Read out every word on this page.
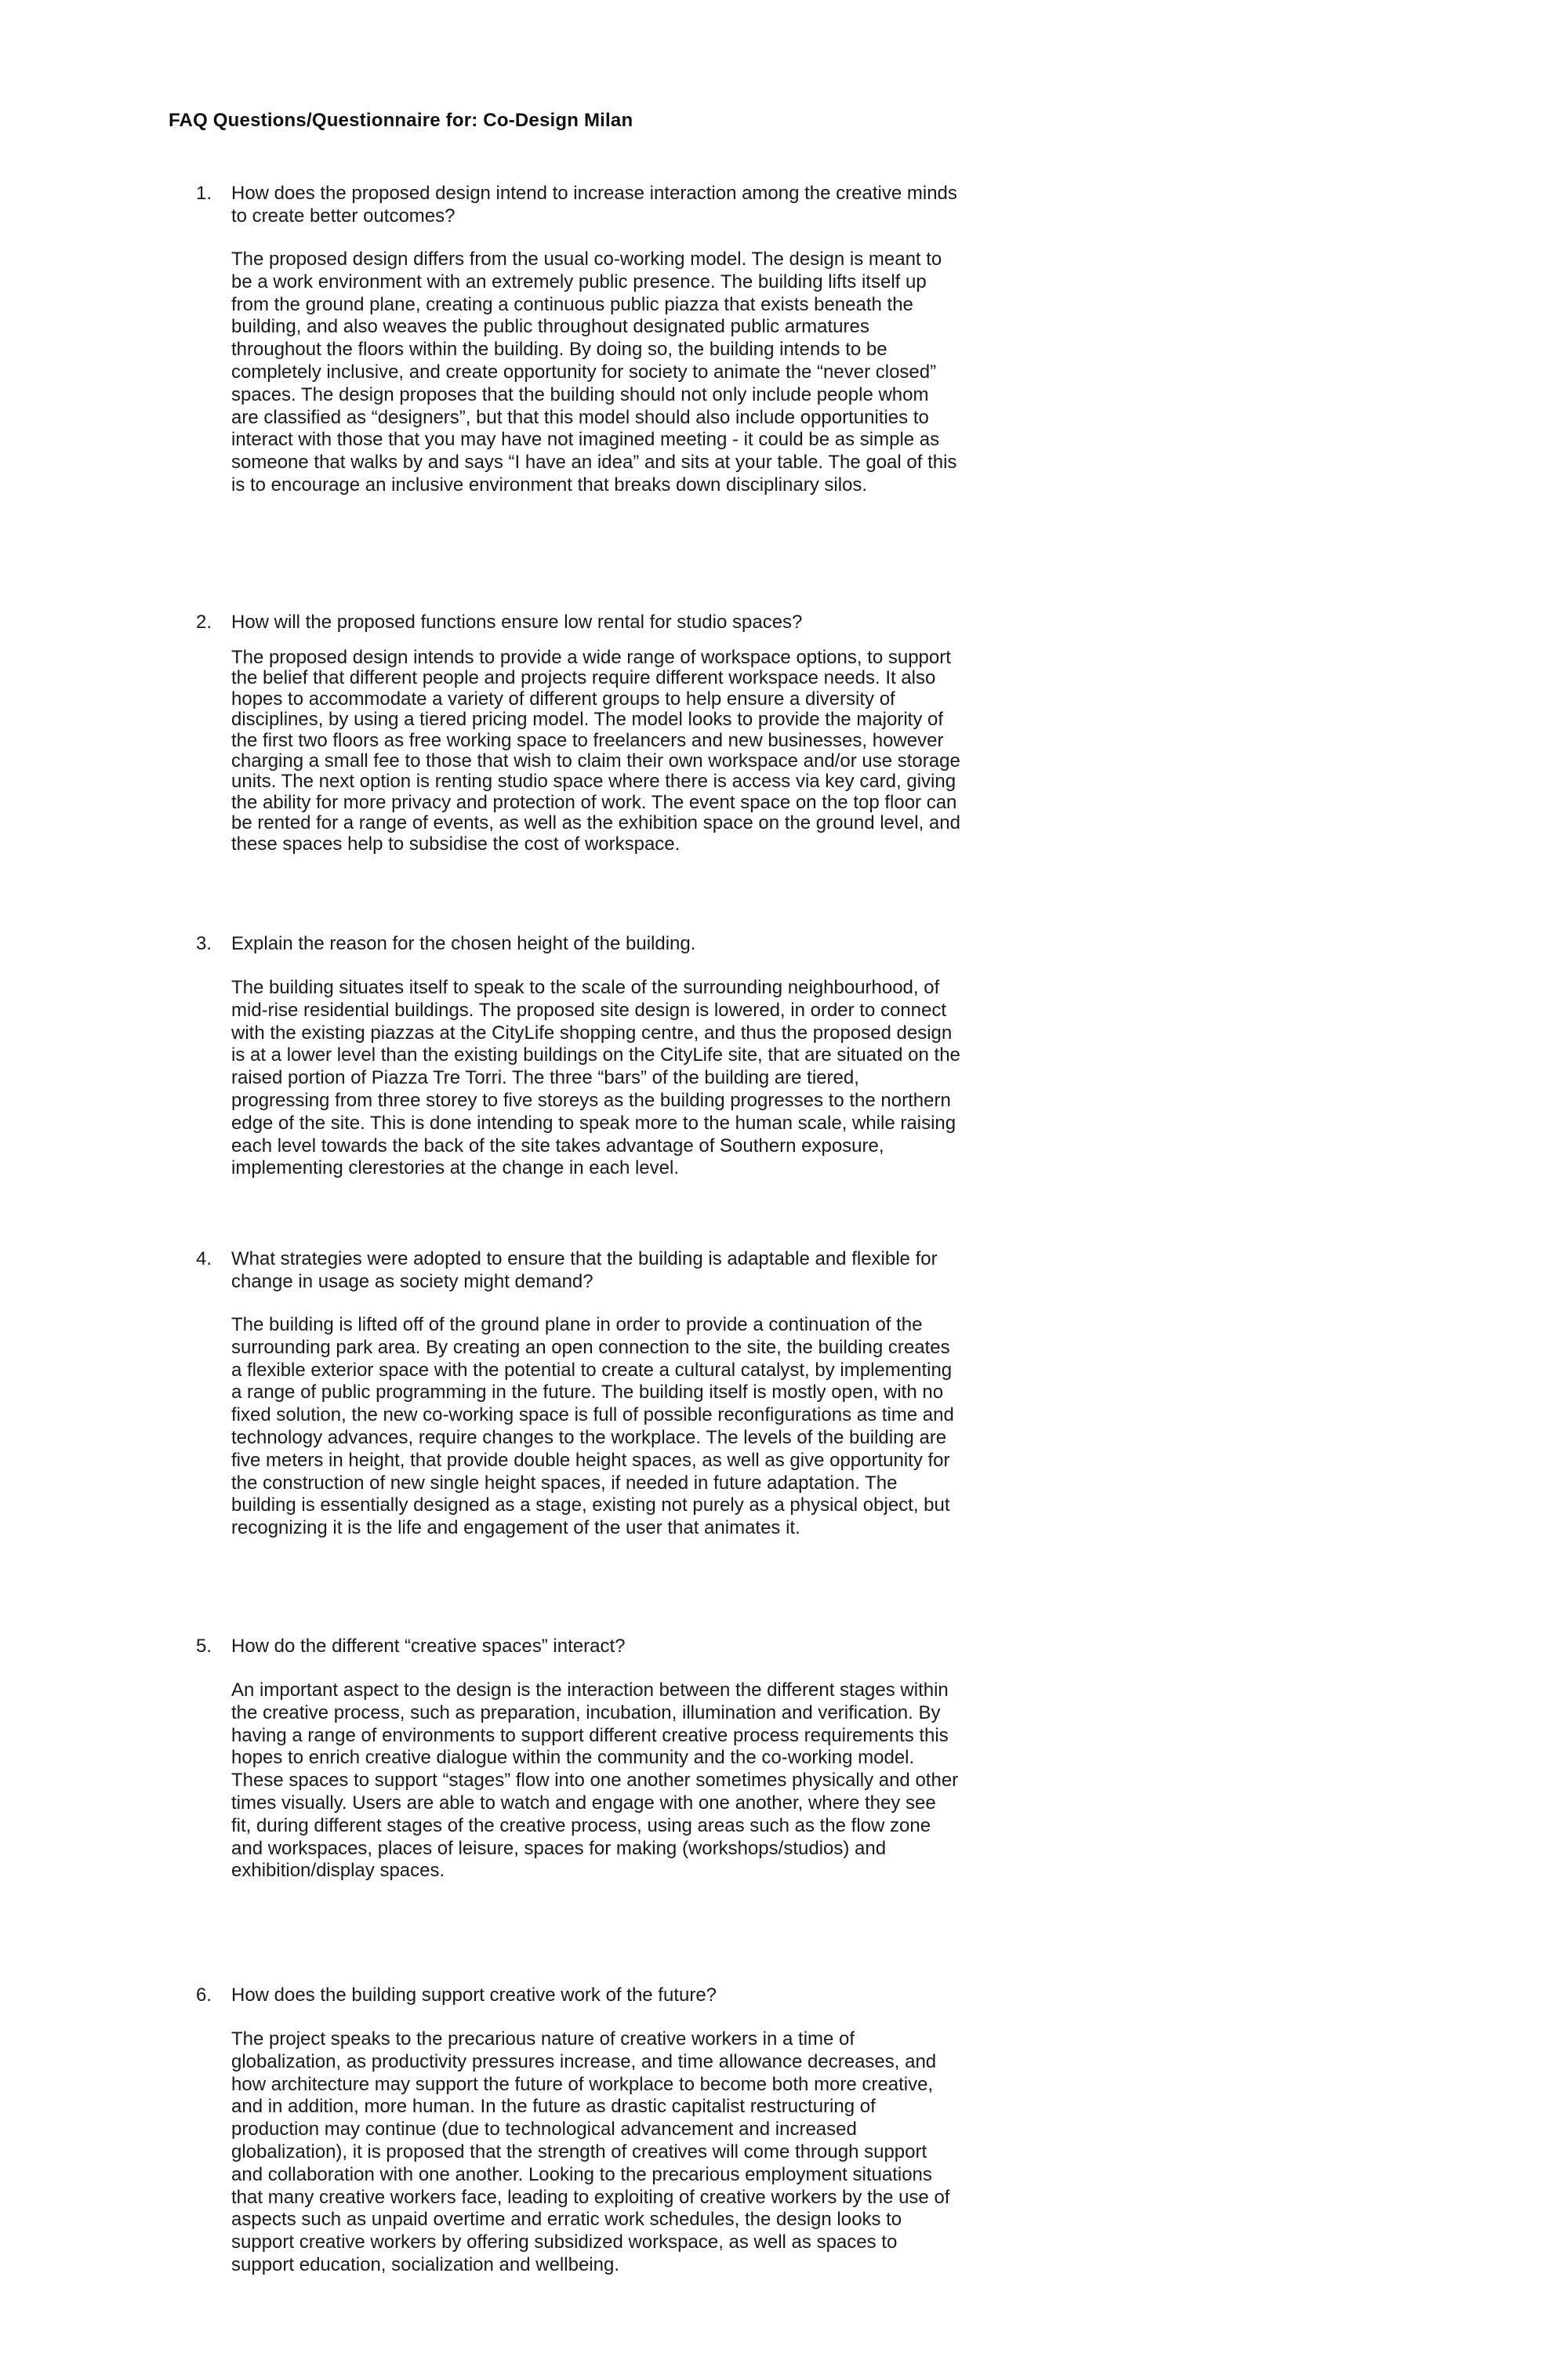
FAQ Questions/Questionnaire for: Co-Design Milan
1. How does the proposed design intend to increase interaction among the creative minds to create better outcomes?

The proposed design differs from the usual co-working model. The design is meant to be a work environment with an extremely public presence. The building lifts itself up from the ground plane, creating a continuous public piazza that exists beneath the building, and also weaves the public throughout designated public armatures throughout the floors within the building. By doing so, the building intends to be completely inclusive, and create opportunity for society to animate the “never closed” spaces. The design proposes that the building should not only include people whom are classified as “designers”, but that this model should also include opportunities to interact with those that you may have not imagined meeting - it could be as simple as someone that walks by and says “I have an idea” and sits at your table. The goal of this is to encourage an inclusive environment that breaks down disciplinary silos.

2. How will the proposed functions ensure low rental for studio spaces?

The proposed design intends to provide a wide range of workspace options, to support the belief that different people and projects require different workspace needs. It also hopes to accommodate a variety of different groups to help ensure a diversity of disciplines, by using a tiered pricing model. The model looks to provide the majority of the first two floors as free working space to freelancers and new businesses, however charging a small fee to those that wish to claim their own workspace and/or use storage units. The next option is renting studio space where there is access via key card, giving the ability for more privacy and protection of work. The event space on the top floor can be rented for a range of events, as well as the exhibition space on the ground level, and these spaces help to subsidise the cost of workspace.

3. Explain the reason for the chosen height of the building.

The building situates itself to speak to the scale of the surrounding neighbourhood, of mid-rise residential buildings. The proposed site design is lowered, in order to connect with the existing piazzas at the CityLife shopping centre, and thus the proposed design is at a lower level than the existing buildings on the CityLife site, that are situated on the raised portion of Piazza Tre Torri. The three “bars” of the building are tiered, progressing from three storey to five storeys as the building progresses to the northern edge of the site. This is done intending to speak more to the human scale, while raising each level towards the back of the site takes advantage of Southern exposure, implementing clerestories at the change in each level.

4. What strategies were adopted to ensure that the building is adaptable and flexible for change in usage as society might demand?

The building is lifted off of the ground plane in order to provide a continuation of the surrounding park area. By creating an open connection to the site, the building creates a flexible exterior space with the potential to create a cultural catalyst, by implementing a range of public programming in the future. The building itself is mostly open, with no fixed solution, the new co-working space is full of possible reconfigurations as time and technology advances, require changes to the workplace. The levels of the building are five meters in height, that provide double height spaces, as well as give opportunity for the construction of new single height spaces, if needed in future adaptation. The building is essentially designed as a stage, existing not purely as a physical object, but recognizing it is the life and engagement of the user that animates it.

5. How do the different “creative spaces” interact?

An important aspect to the design is the interaction between the different stages within the creative process, such as preparation, incubation, illumination and verification. By having a range of environments to support different creative process requirements this hopes to enrich creative dialogue within the community and the co-working model. These spaces to support “stages” flow into one another sometimes physically and other times visually. Users are able to watch and engage with one another, where they see fit, during different stages of the creative process, using areas such as the flow zone and workspaces, places of leisure, spaces for making (workshops/studios) and exhibition/display spaces.

6. How does the building support creative work of the future?

The project speaks to the precarious nature of creative workers in a time of globalization, as productivity pressures increase, and time allowance decreases, and how architecture may support the future of workplace to become both more creative, and in addition, more human. In the future as drastic capitalist restructuring of production may continue (due to technological advancement and increased globalization), it is proposed that the strength of creatives will come through support and collaboration with one another. Looking to the precarious employment situations that many creative workers face, leading to exploiting of creative workers by the use of aspects such as unpaid overtime and erratic work schedules, the design looks to support creative workers by offering subsidized workspace, as well as spaces to support education, socialization and wellbeing.
